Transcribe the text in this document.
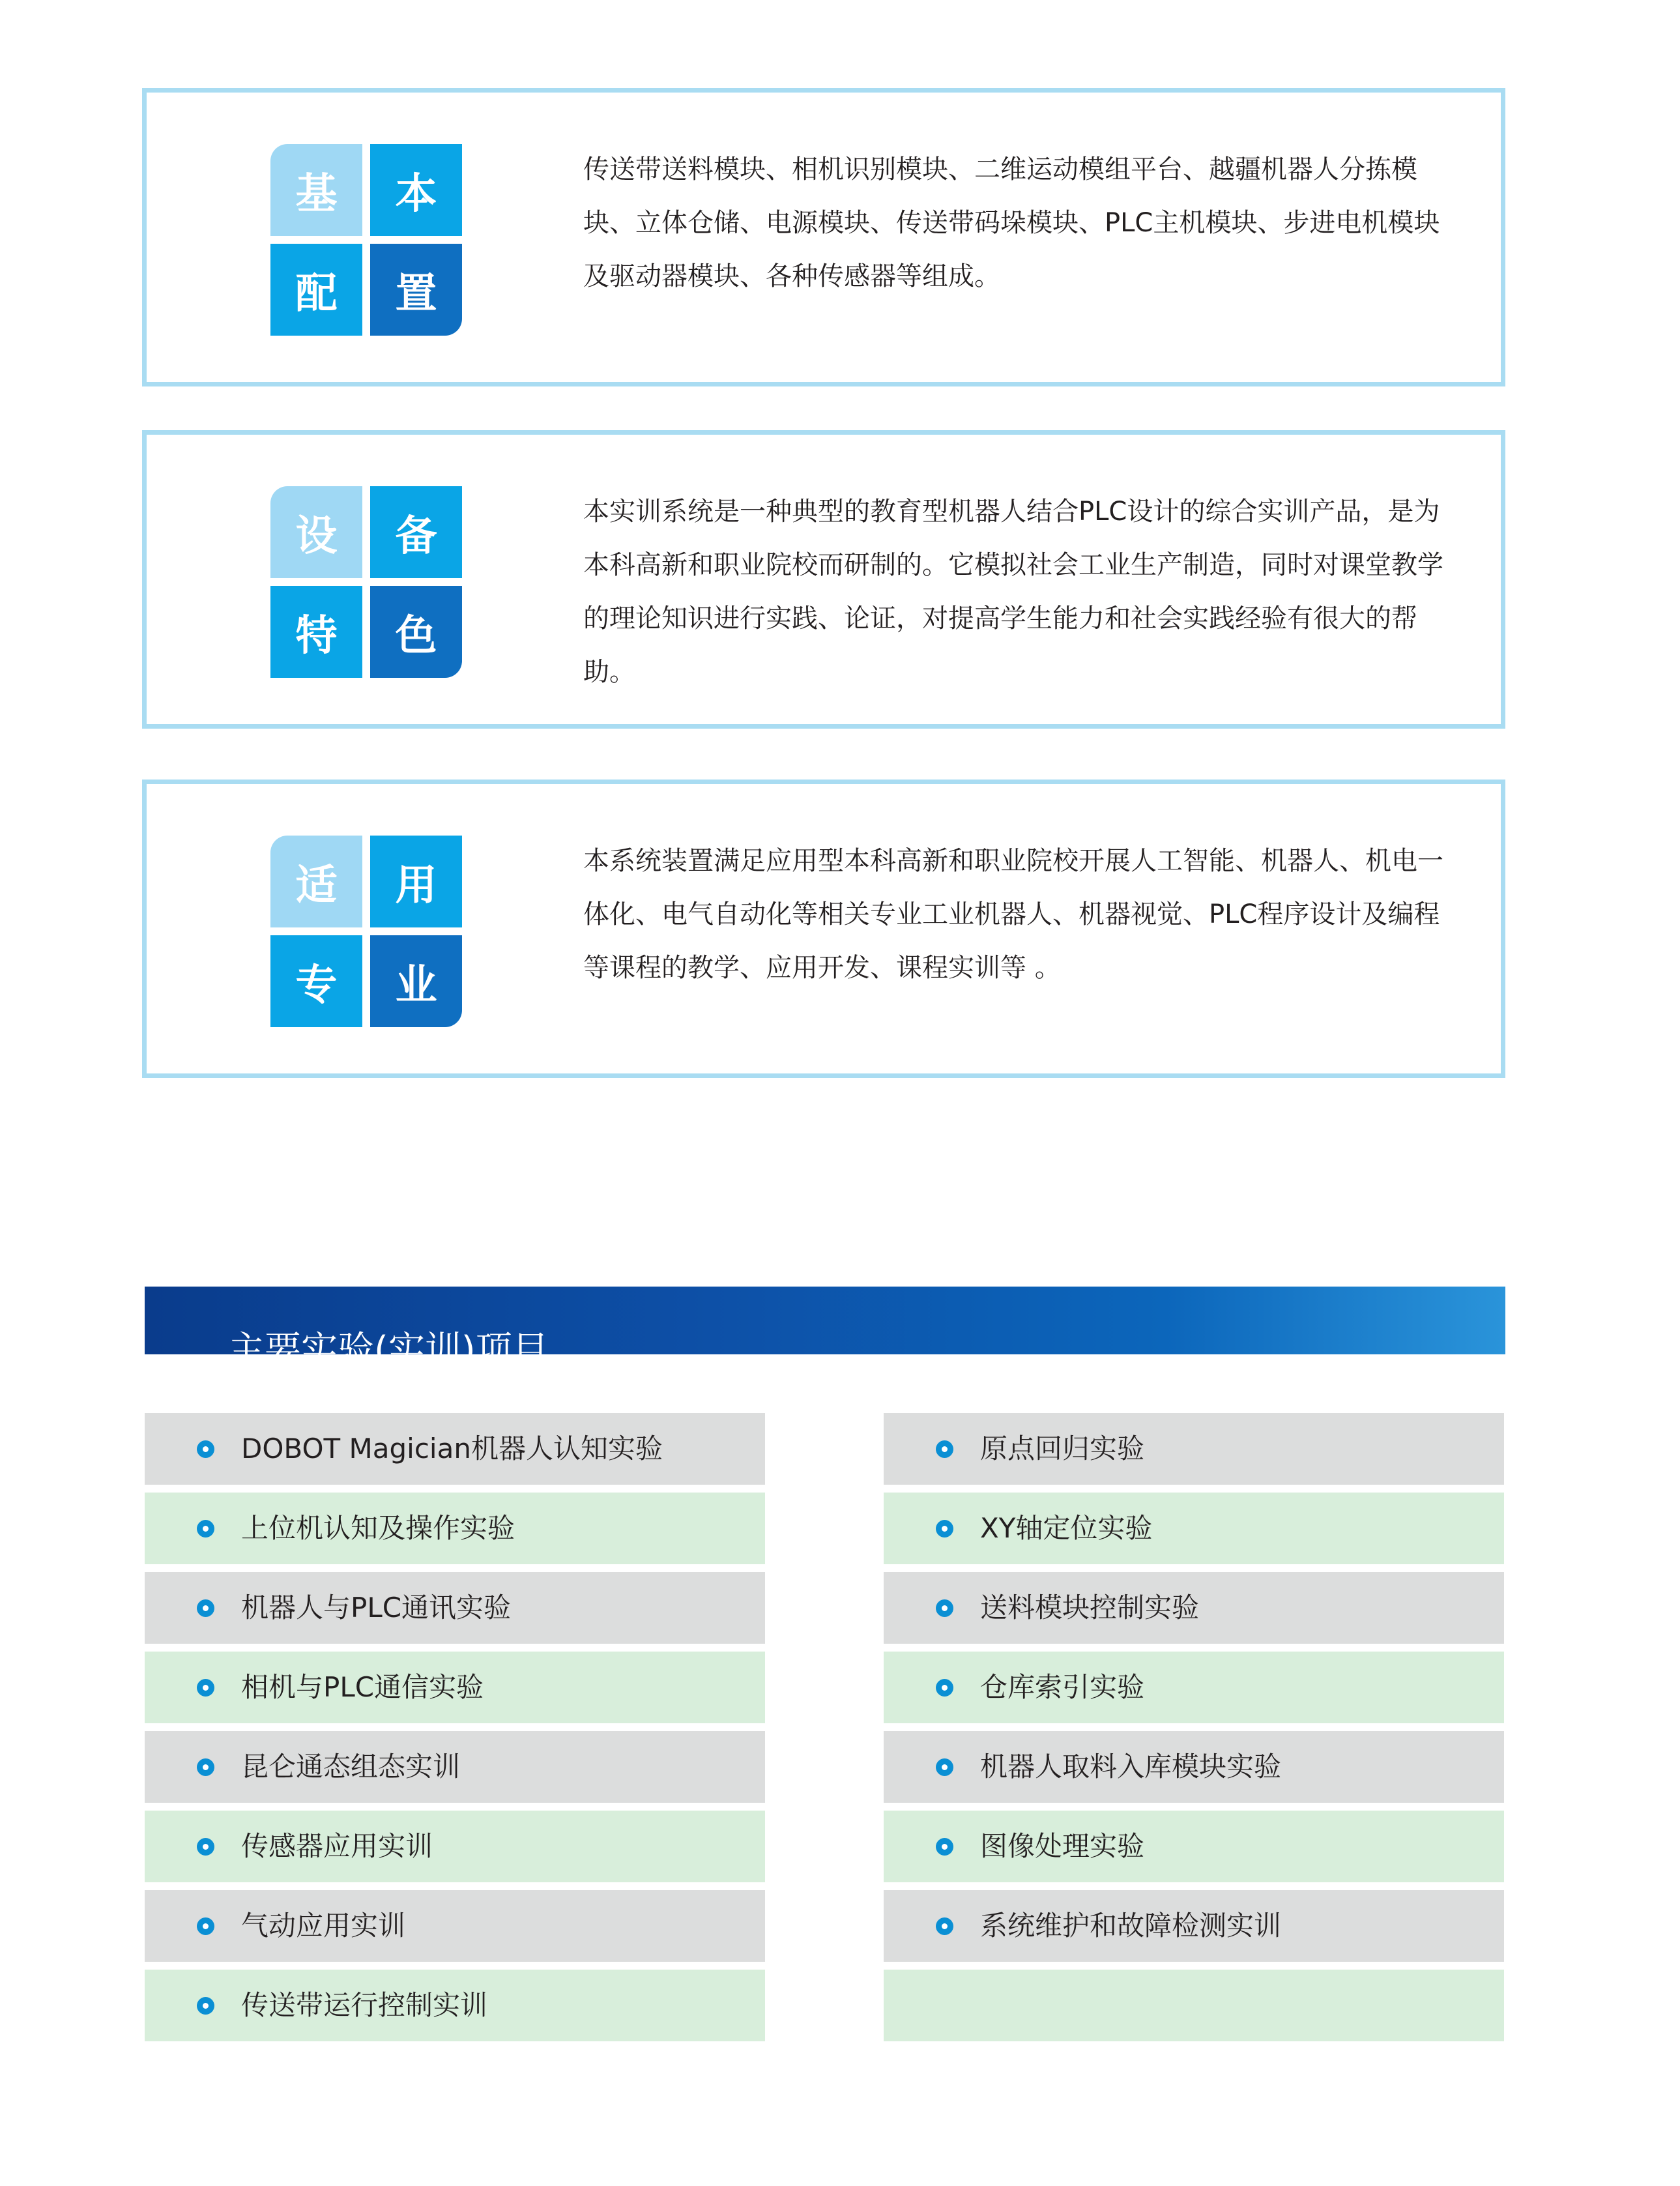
基	本
配	置

传送带送料模块、相机识别模块、二维运动模组平台、越疆机器人分拣模块、立体仓储、电源模块、传送带码垛模块、PLC主机模块、步进电机模块及驱动器模块、各种传感器等组成。

设	备
特	色

本实训系统是一种典型的教育型机器人结合PLC设计的综合实训产品，是为本科高新和职业院校而研制的。它模拟社会工业生产制造，同时对课堂教学的理论知识进行实践、论证，对提高学生能力和社会实践经验有很大的帮助。

适	用
专	业

本系统装置满足应用型本科高新和职业院校开展人工智能、机器人、机电一体化、电气自动化等相关专业工业机器人、机器视觉、PLC程序设计及编程等课程的教学、应用开发、课程实训等 。

主要实验(实训)项目
DOBOT Magician机器人认知实验
上位机认知及操作实验
机器人与PLC通讯实验
相机与PLC通信实验
昆仑通态组态实训
传感器应用实训
气动应用实训
传送带运行控制实训
原点回归实验
XY轴定位实验
送料模块控制实验
仓库索引实验
机器人取料入库模块实验
图像处理实验
系统维护和故障检测实训
